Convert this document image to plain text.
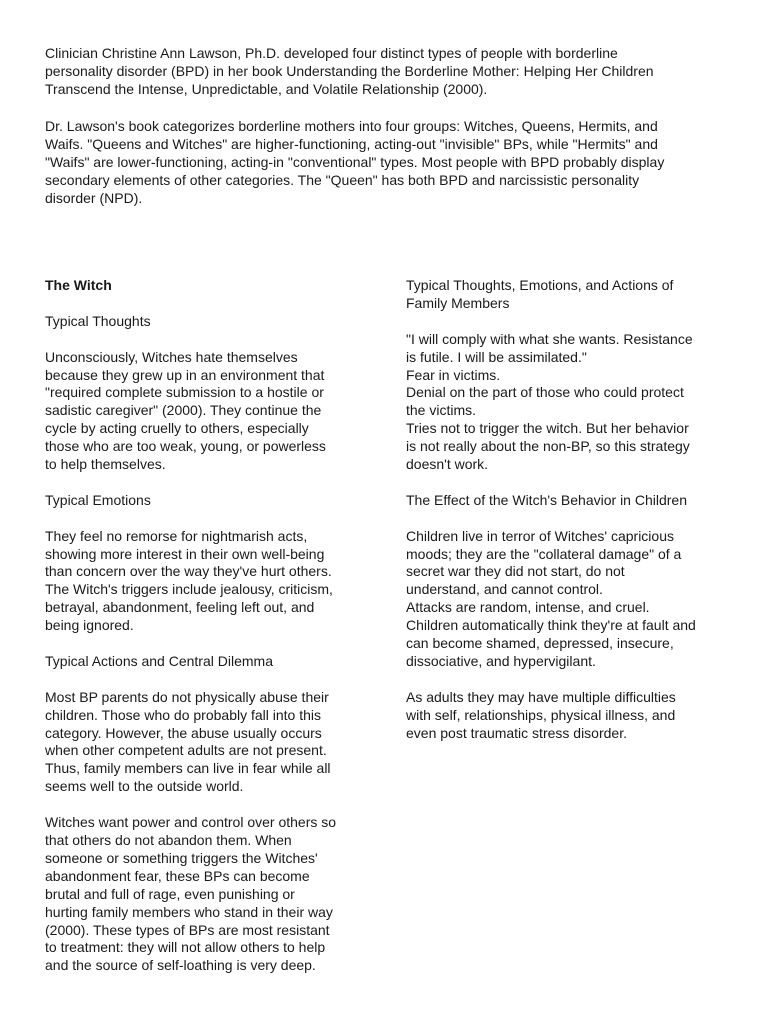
Clinician Christine Ann Lawson, Ph.D. developed four distinct types of people with borderline
personality disorder (BPD) in her book Understanding the Borderline Mother: Helping Her Children
Transcend the Intense, Unpredictable, and Volatile Relationship (2000).

Dr. Lawson's book categorizes borderline mothers into four groups: Witches, Queens, Hermits, and
Waifs. "Queens and Witches" are higher-functioning, acting-out "invisible" BPs, while "Hermits" and
"Waifs" are lower-functioning, acting-in "conventional" types. Most people with BPD probably display
secondary elements of other categories. The "Queen" has both BPD and narcissistic personality
disorder (NPD).

The Witch

Typical Thoughts

Unconsciously, Witches hate themselves
because they grew up in an environment that
"required complete submission to a hostile or
sadistic caregiver" (2000). They continue the
cycle by acting cruelly to others, especially
those who are too weak, young, or powerless
to help themselves.

Typical Emotions

They feel no remorse for nightmarish acts,
showing more interest in their own well-being
than concern over the way they've hurt others.
The Witch's triggers include jealousy, criticism,
betrayal, abandonment, feeling left out, and
being ignored.

Typical Actions and Central Dilemma

Most BP parents do not physically abuse their
children. Those who do probably fall into this
category. However, the abuse usually occurs
when other competent adults are not present.
Thus, family members can live in fear while all
seems well to the outside world.

Witches want power and control over others so
that others do not abandon them. When
someone or something triggers the Witches'
abandonment fear, these BPs can become
brutal and full of rage, even punishing or
hurting family members who stand in their way
(2000). These types of BPs are most resistant
to treatment: they will not allow others to help
and the source of self-loathing is very deep.

Typical Thoughts, Emotions, and Actions of
Family Members

"I will comply with what she wants. Resistance
is futile. I will be assimilated."

Fear in victims.

Denial on the part of those who could protect
the victims.

Tries not to trigger the witch. But her behavior
is not really about the non-BP, so this strategy
doesn't work.

The Effect of the Witch's Behavior in Children

Children live in terror of Witches' capricious
moods; they are the "collateral damage" of a
secret war they did not start, do not
understand, and cannot control.

Attacks are random, intense, and cruel.

Children automatically think they're at fault and
can become shamed, depressed, insecure,
dissociative, and hypervigilant.

As adults they may have multiple difficulties
with self, relationships, physical illness, and
even post traumatic stress disorder.
